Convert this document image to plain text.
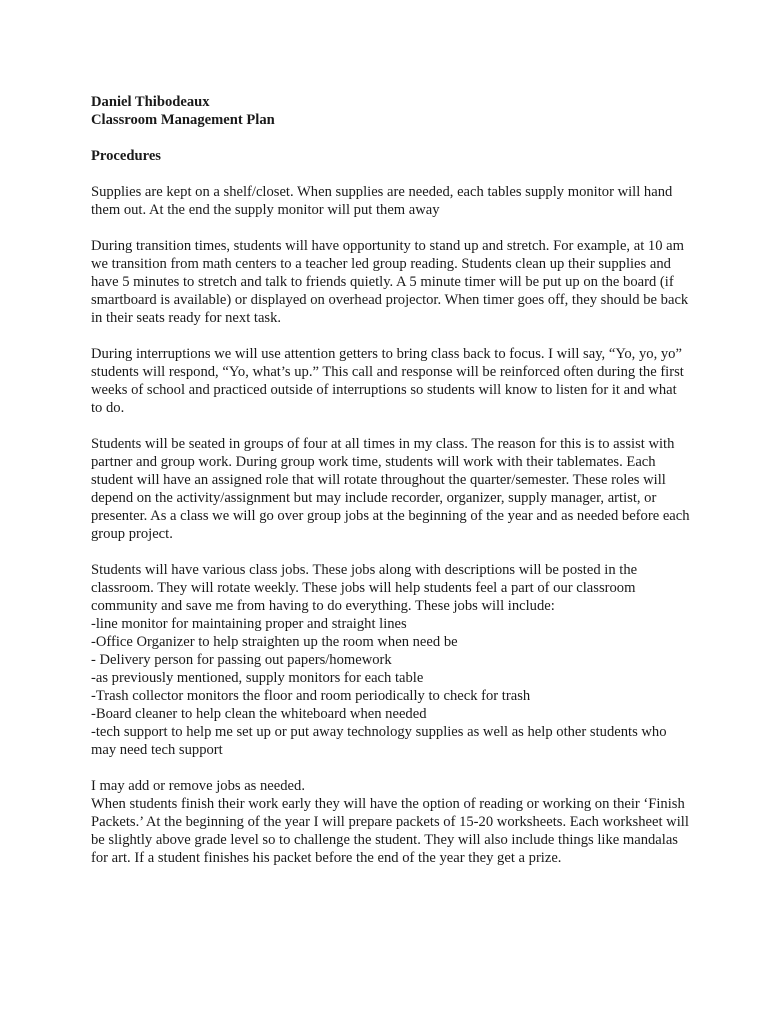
Daniel Thibodeaux
Classroom Management Plan

Procedures

Supplies are kept on a shelf/closet. When supplies are needed, each tables supply monitor will hand them out. At the end the supply monitor will put them away

During transition times, students will have opportunity to stand up and stretch. For example, at 10 am we transition from math centers to a teacher led group reading. Students clean up their supplies and have 5 minutes to stretch and talk to friends quietly. A 5 minute timer will be put up on the board (if smartboard is available) or displayed on overhead projector. When timer goes off, they should be back in their seats ready for next task.

During interruptions we will use attention getters to bring class back to focus. I will say, “Yo, yo, yo” students will respond, “Yo, what’s up.” This call and response will be reinforced often during the first weeks of school and practiced outside of interruptions so students will know to listen for it and what to do.

Students will be seated in groups of four at all times in my class. The reason for this is to assist with partner and group work. During group work time, students will work with their tablemates. Each student will have an assigned role that will rotate throughout the quarter/semester. These roles will depend on the activity/assignment but may include recorder, organizer, supply manager, artist, or presenter. As a class we will go over group jobs at the beginning of the year and as needed before each group project.

Students will have various class jobs. These jobs along with descriptions will be posted in the classroom. They will rotate weekly. These jobs will help students feel a part of our classroom community and save me from having to do everything. These jobs will include:
-line monitor for maintaining proper and straight lines
-Office Organizer to help straighten up the room when need be
- Delivery person for passing out papers/homework
-as previously mentioned, supply monitors for each table
-Trash collector monitors the floor and room periodically to check for trash
-Board cleaner to help clean the whiteboard when needed
-tech support to help me set up or put away technology supplies as well as help other students who may need tech support
I may add or remove jobs as needed.
When students finish their work early they will have the option of reading or working on their ‘Finish Packets.’ At the beginning of the year I will prepare packets of 15-20 worksheets. Each worksheet will be slightly above grade level so to challenge the student. They will also include things like mandalas for art. If a student finishes his packet before the end of the year they get a prize.
